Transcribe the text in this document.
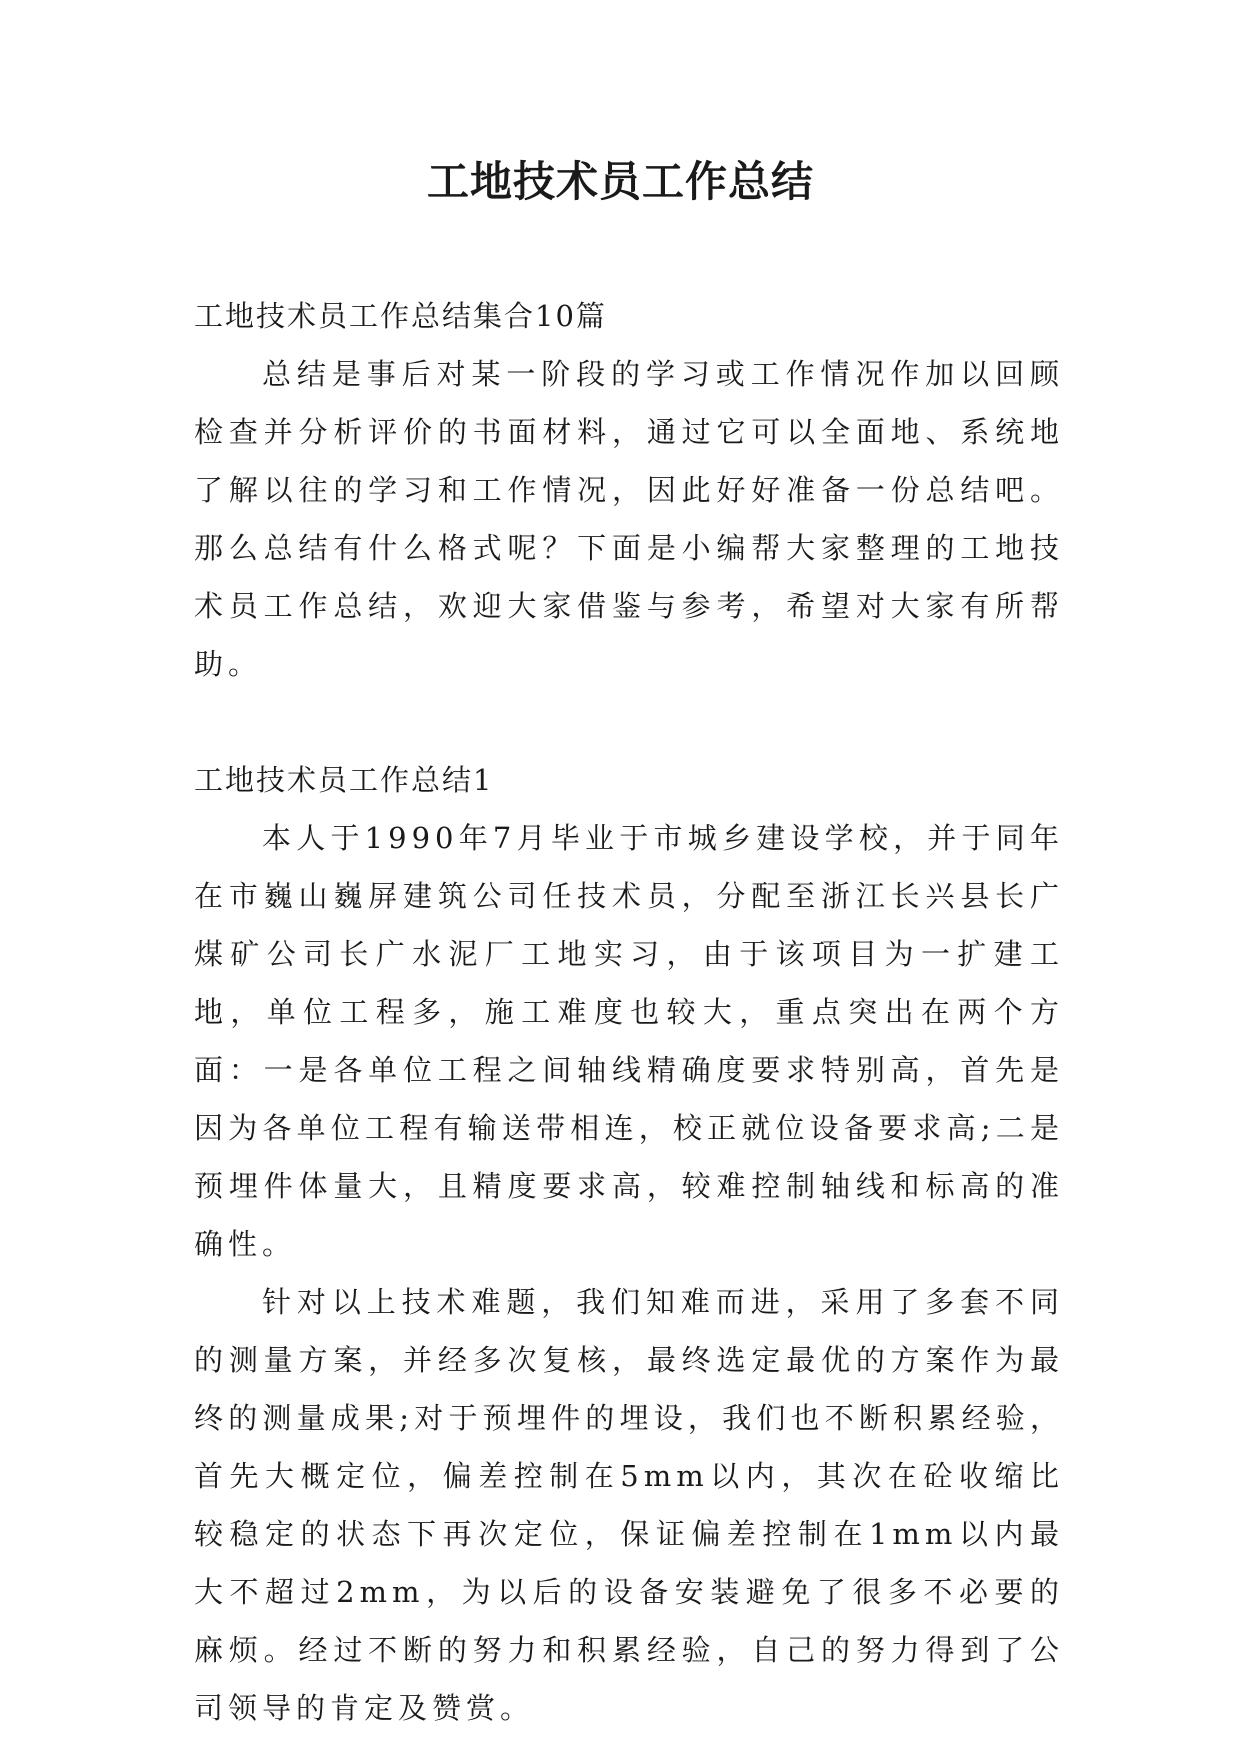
工地技术员工作总结

工地技术员工作总结集合10篇

总结是事后对某一阶段的学习或工作情况作加以回顾检查并分析评价的书面材料，通过它可以全面地、系统地了解以往的学习和工作情况，因此好好准备一份总结吧。那么总结有什么格式呢？下面是小编帮大家整理的工地技术员工作总结，欢迎大家借鉴与参考，希望对大家有所帮助。

工地技术员工作总结1

本人于1990年7月毕业于市城乡建设学校，并于同年在市巍山巍屏建筑公司任技术员，分配至浙江长兴县长广煤矿公司长广水泥厂工地实习，由于该项目为一扩建工地，单位工程多，施工难度也较大，重点突出在两个方面：一是各单位工程之间轴线精确度要求特别高，首先是因为各单位工程有输送带相连，校正就位设备要求高;二是预埋件体量大，且精度要求高，较难控制轴线和标高的准确性。

针对以上技术难题，我们知难而进，采用了多套不同的测量方案，并经多次复核，最终选定最优的方案作为最终的测量成果;对于预埋件的埋设，我们也不断积累经验，首先大概定位，偏差控制在5mm以内，其次在砼收缩比较稳定的状态下再次定位，保证偏差控制在1mm以内最大不超过2mm，为以后的设备安装避免了很多不必要的麻烦。经过不断的努力和积累经验，自己的努力得到了公司领导的肯定及赞赏。
